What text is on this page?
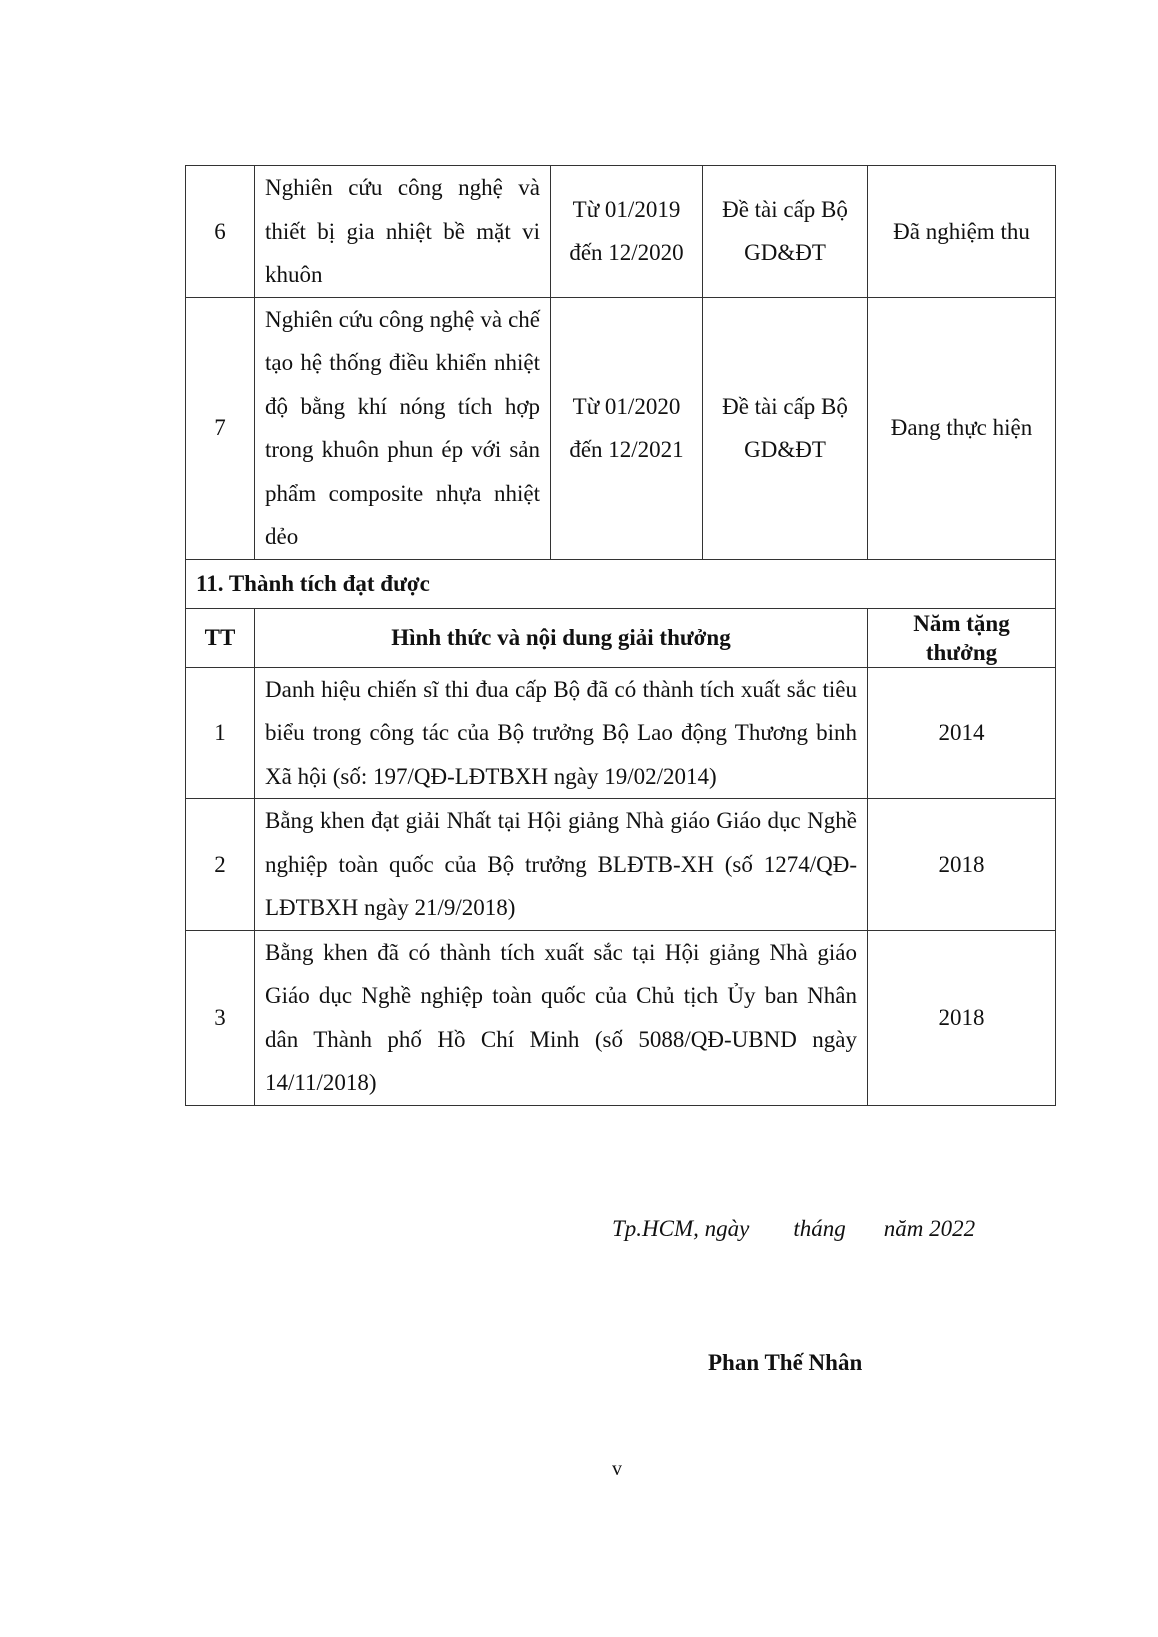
6	Nghiên cứu công nghệ và thiết bị gia nhiệt bề mặt vi khuôn	Từ 01/2019 đến 12/2020	Đề tài cấp Bộ GD&ĐT	Đã nghiệm thu
7	Nghiên cứu công nghệ và chế tạo hệ thống điều khiển nhiệt độ bằng khí nóng tích hợp trong khuôn phun ép với sản phẩm composite nhựa nhiệt dẻo	Từ 01/2020 đến 12/2021	Đề tài cấp Bộ GD&ĐT	Đang thực hiện
11. Thành tích đạt được				
TT	Hình thức và nội dung giải thưởng			Năm tặng thưởng
1	Danh hiệu chiến sĩ thi đua cấp Bộ đã có thành tích xuất sắc tiêu biểu trong công tác của Bộ trưởng Bộ Lao động Thương binh Xã hội (số: 197/QĐ-LĐTBXH ngày 19/02/2014)			2014
2	Bằng khen đạt giải Nhất tại Hội giảng Nhà giáo Giáo dục Nghề nghiệp toàn quốc của Bộ trưởng BLĐTB-XH (số 1274/QĐ-LĐTBXH ngày 21/9/2018)			2018
3	Bằng khen đã có thành tích xuất sắc tại Hội giảng Nhà giáo Giáo dục Nghề nghiệp toàn quốc của Chủ tịch Ủy ban Nhân dân Thành phố Hồ Chí Minh (số 5088/QĐ-UBND ngày 14/11/2018)			2018
Tp.HCM, ngày tháng năm 2022
Phan Thế Nhân
v
